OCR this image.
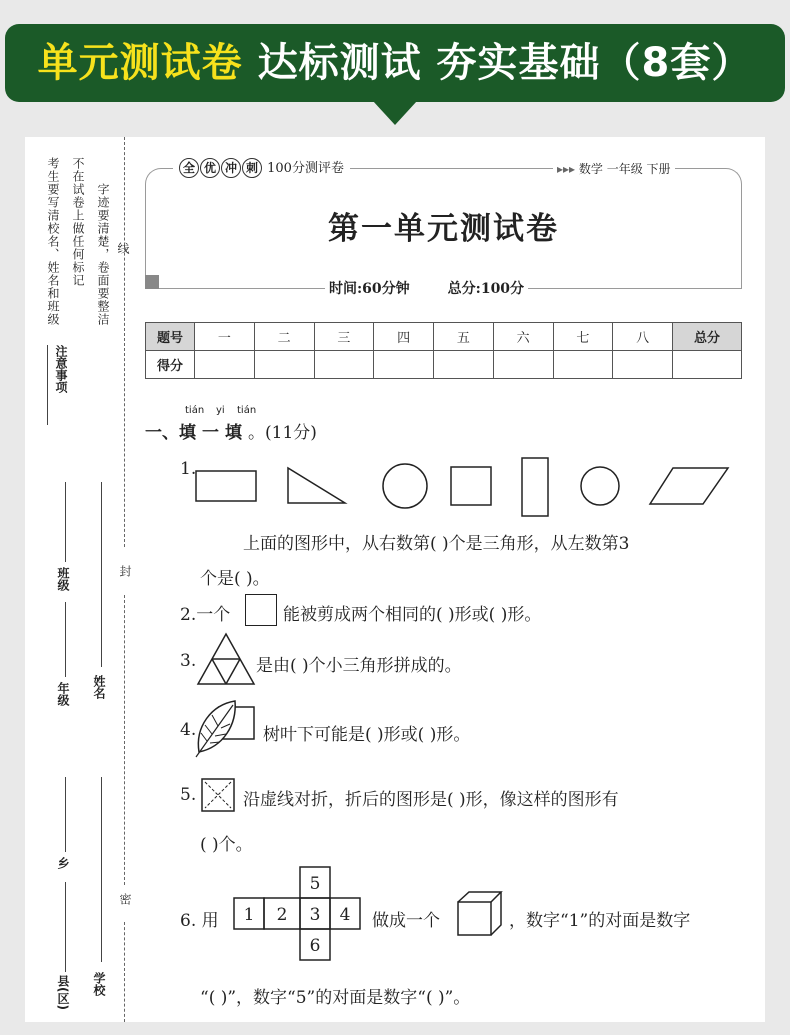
单元测试卷 达标测试 夯实基础（8套）
考生要写清校名、姓名和班级 不在试卷上做任何标记 字迹要清楚，卷面要整洁 线
注意事项
封
密
班级
年级 姓名
乡
县(区) 学校
全 优 冲 刺 100分测评卷	▸▸▸ 数学 一年级 下册
第一单元测试卷
时间:60分钟	总分:100分
题号	一	二	三	四	五	六	七	八	总分
得分									
tián yi tián
一、填一填。(11分)
1.
上面的图形中，从右数第( )个是三角形，从左数第3
个是( )。
2.一个	能被剪成两个相同的( )形或( )形。
3.	是由( )个小三角形拼成的。
4.	树叶下可能是( )形或( )形。
5.	沿虚线对折，折后的图形是( )形，像这样的图形有
( )个。
6. 用 1 2 3 4
5
6
做成一个	，数字“1”的对面是数字
“( )”，数字“5”的对面是数字“( )”。
